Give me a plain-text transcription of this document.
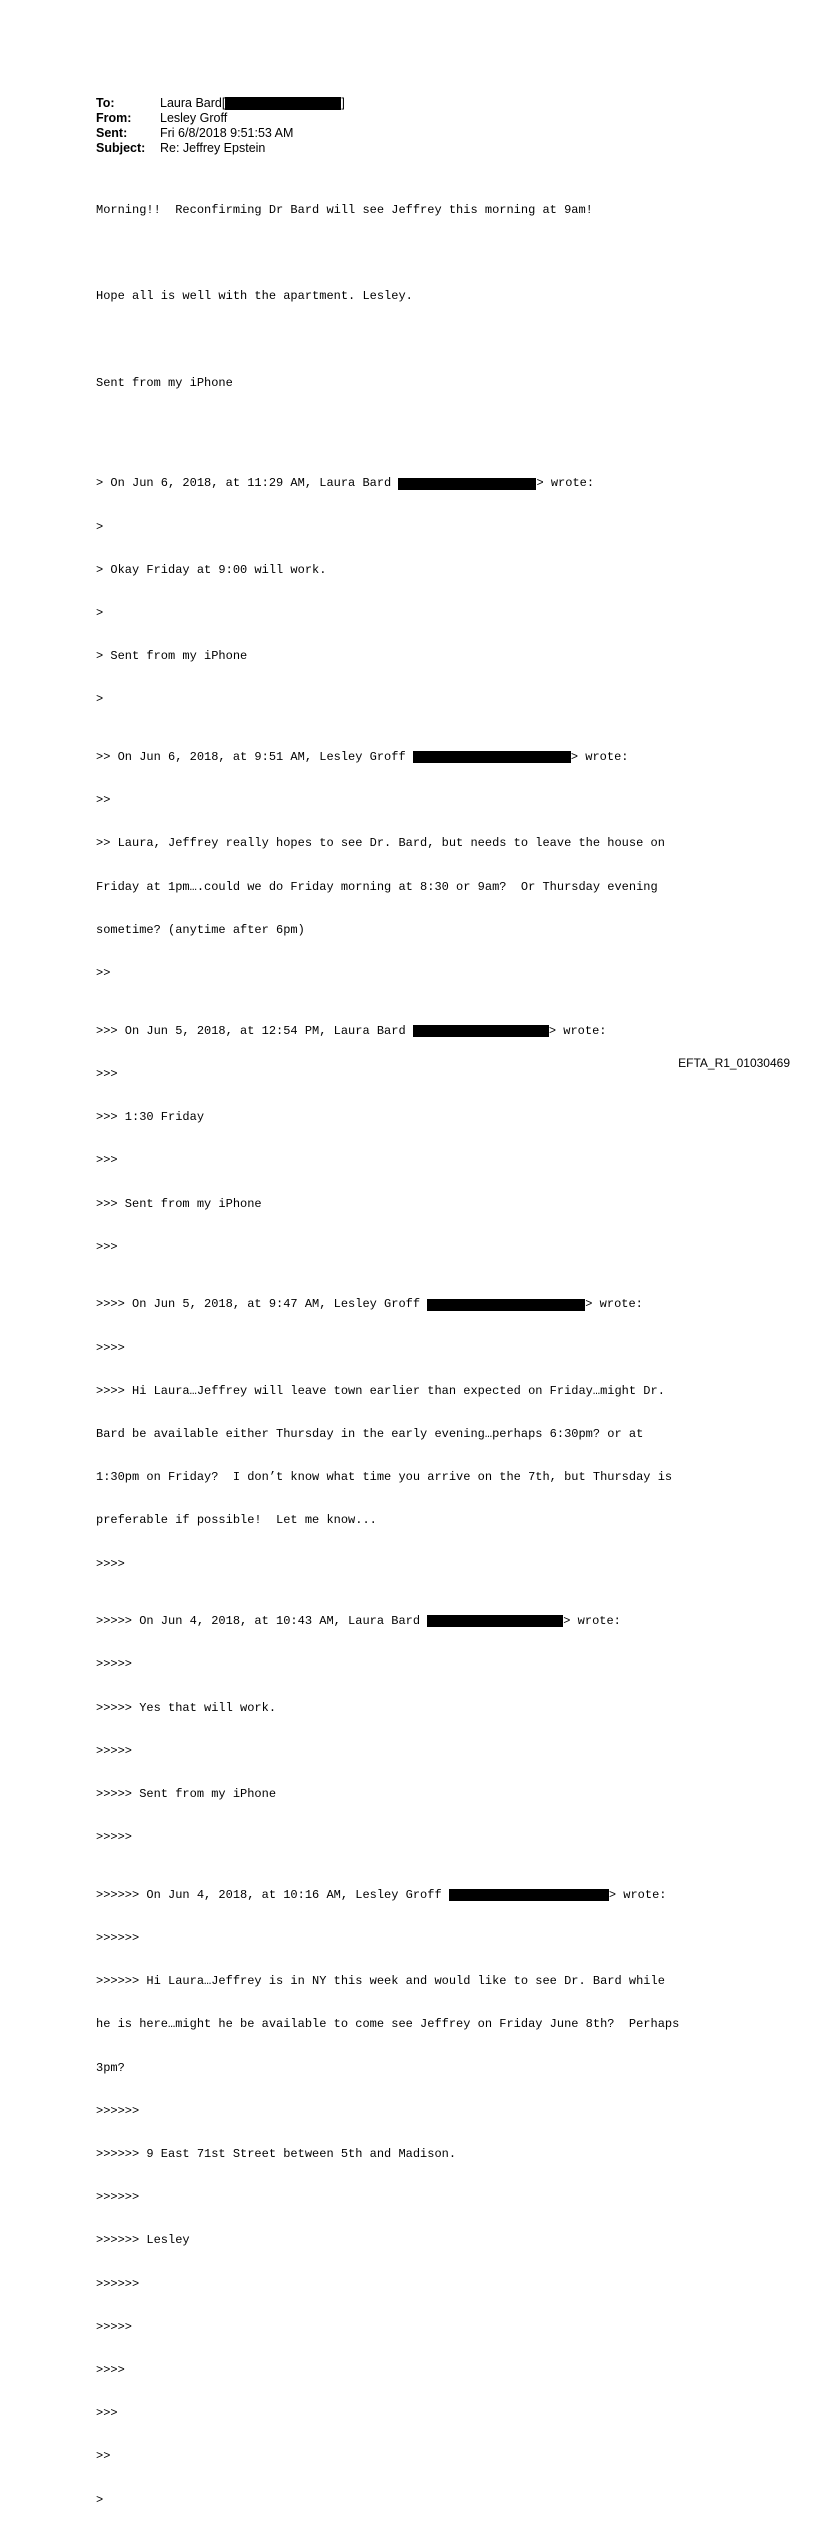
To:	Laura Bard[	]
From:	Lesley Groff
Sent:	Fri 6/8/2018 9:51:53 AM
Subject:	Re: Jeffrey Epstein

Morning!!  Reconfirming Dr Bard will see Jeffrey this morning at 9am!

Hope all is well with the apartment. Lesley.

Sent from my iPhone

> On Jun 6, 2018, at 11:29 AM, Laura Bard	> wrote:

>

> Okay Friday at 9:00 will work.

>

> Sent from my iPhone

>

>> On Jun 6, 2018, at 9:51 AM, Lesley Groff	> wrote:

>>

>> Laura, Jeffrey really hopes to see Dr. Bard, but needs to leave the house on

Friday at 1pm….could we do Friday morning at 8:30 or 9am?  Or Thursday evening

sometime? (anytime after 6pm)

>>

>>> On Jun 5, 2018, at 12:54 PM, Laura Bard	> wrote:

>>>

>>> 1:30 Friday

>>>

>>> Sent from my iPhone

>>>

>>>> On Jun 5, 2018, at 9:47 AM, Lesley Groff	> wrote:

>>>>

>>>> Hi Laura…Jeffrey will leave town earlier than expected on Friday…might Dr.

Bard be available either Thursday in the early evening…perhaps 6:30pm? or at

1:30pm on Friday?  I don’t know what time you arrive on the 7th, but Thursday is

preferable if possible!  Let me know...

>>>>

>>>>> On Jun 4, 2018, at 10:43 AM, Laura Bard	> wrote:

>>>>>

>>>>> Yes that will work.

>>>>>

>>>>> Sent from my iPhone

>>>>>

>>>>>> On Jun 4, 2018, at 10:16 AM, Lesley Groff	> wrote:

>>>>>>

>>>>>> Hi Laura…Jeffrey is in NY this week and would like to see Dr. Bard while

he is here…might he be available to come see Jeffrey on Friday June 8th?  Perhaps

3pm?

>>>>>>

>>>>>> 9 East 71st Street between 5th and Madison.

>>>>>>

>>>>>> Lesley

>>>>>>

>>>>>

>>>>

>>>

>>

>

EFTA_R1_01030469
